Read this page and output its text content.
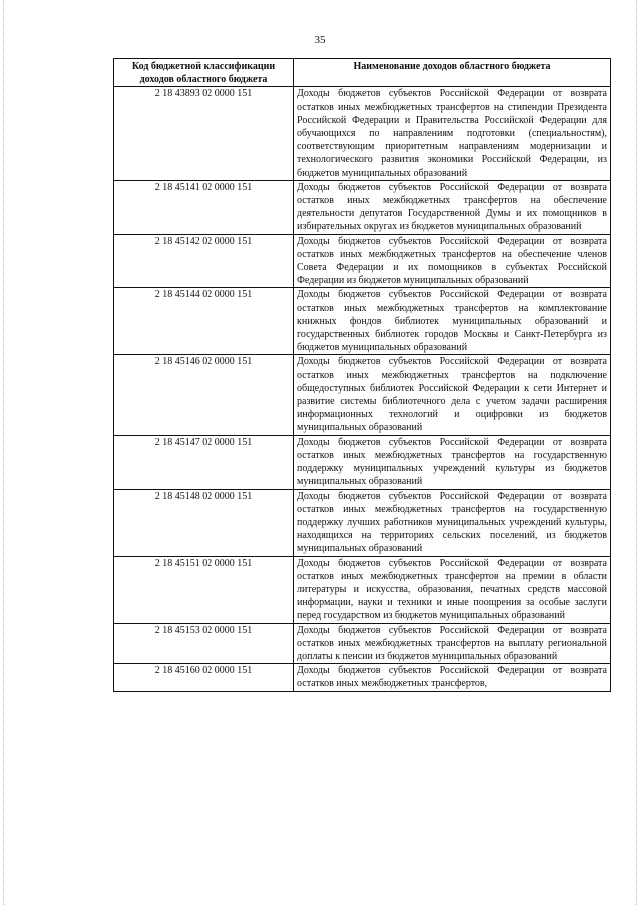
35
Код бюджетной классификации доходов областного бюджета	Наименование доходов областного бюджета
2 18 43893 02 0000 151	Доходы бюджетов субъектов Российской Федерации от возврата остатков иных межбюджетных трансфертов на стипендии Президента Российской Федерации и Правительства Российской Федерации для обучающихся по направлениям подготовки (специальностям), соответствующим приоритетным направлениям модернизации и технологического развития экономики Российской Федерации, из бюджетов муниципальных образований
2 18 45141 02 0000 151	Доходы бюджетов субъектов Российской Федерации от возврата остатков иных межбюджетных трансфертов на обеспечение деятельности депутатов Государственной Думы и их помощников в избирательных округах из бюджетов муниципальных образований
2 18 45142 02 0000 151	Доходы бюджетов субъектов Российской Федерации от возврата остатков иных межбюджетных трансфертов на обеспечение членов Совета Федерации и их помощников в субъектах Российской Федерации из бюджетов муниципальных образований
2 18 45144 02 0000 151	Доходы бюджетов субъектов Российской Федерации от возврата остатков иных межбюджетных трансфертов на комплектование книжных фондов библиотек муниципальных образований и государственных библиотек городов Москвы и Санкт-Петербурга из бюджетов муниципальных образований
2 18 45146 02 0000 151	Доходы бюджетов субъектов Российской Федерации от возврата остатков иных межбюджетных трансфертов на подключение общедоступных библиотек Российской Федерации к сети Интернет и развитие системы библиотечного дела с учетом задачи расширения информационных технологий и оцифровки из бюджетов муниципальных образований
2 18 45147 02 0000 151	Доходы бюджетов субъектов Российской Федерации от возврата остатков иных межбюджетных трансфертов на государственную поддержку муниципальных учреждений культуры из бюджетов муниципальных образований
2 18 45148 02 0000 151	Доходы бюджетов субъектов Российской Федерации от возврата остатков иных межбюджетных трансфертов на государственную поддержку лучших работников муниципальных учреждений культуры, находящихся на территориях сельских поселений, из бюджетов муниципальных образований
2 18 45151 02 0000 151	Доходы бюджетов субъектов Российской Федерации от возврата остатков иных межбюджетных трансфертов на премии в области литературы и искусства, образования, печатных средств массовой информации, науки и техники и иные поощрения за особые заслуги перед государством из бюджетов муниципальных образований
2 18 45153 02 0000 151	Доходы бюджетов субъектов Российской Федерации от возврата остатков иных межбюджетных трансфертов на выплату региональной доплаты к пенсии из бюджетов муниципальных образований
2 18 45160 02 0000 151	Доходы бюджетов субъектов Российской Федерации от возврата остатков иных межбюджетных трансфертов,
